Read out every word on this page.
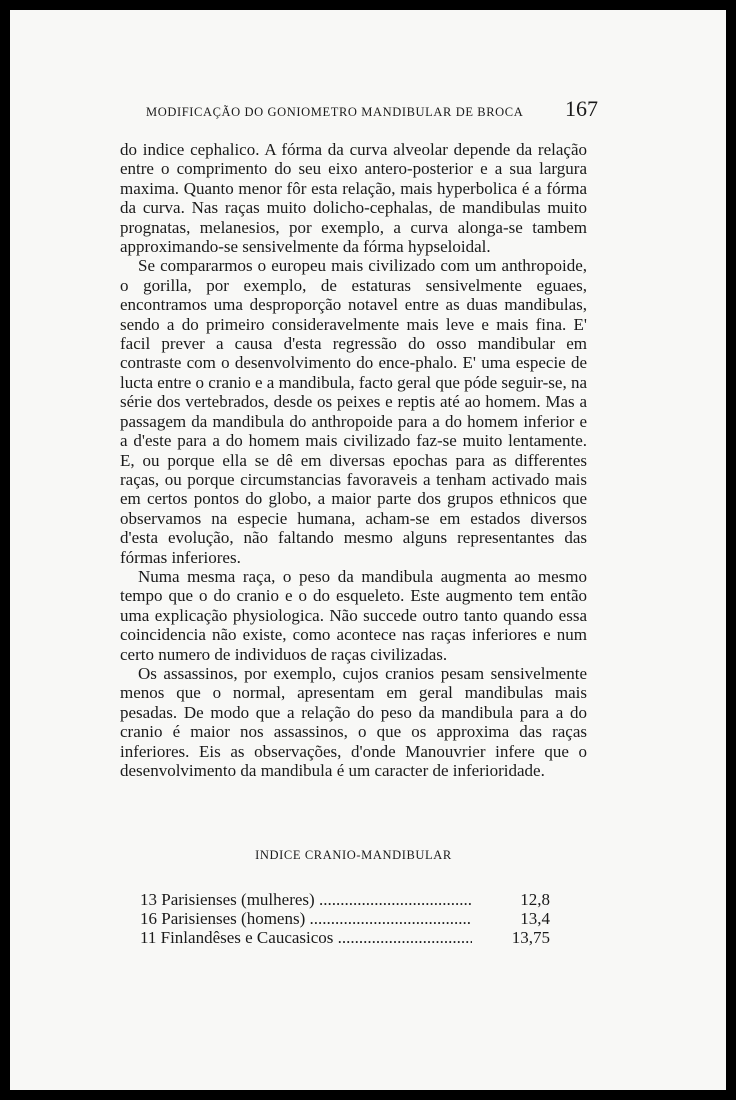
MODIFICAÇÃO DO GONIOMETRO MANDIBULAR DE BROCA 167

do indice cephalico. A fórma da curva alveolar depende da relação entre o comprimento do seu eixo antero-posterior e a sua largura maxima. Quanto menor fôr esta relação, mais hyperbolica é a fórma da curva. Nas raças muito dolicho-cephalas, de mandibulas muito prognatas, melanesios, por exemplo, a curva alonga-se tambem approximando-se sensivelmente da fórma hypseloidal.

Se compararmos o europeu mais civilizado com um anthropoide, o gorilla, por exemplo, de estaturas sensivelmente eguaes, encontramos uma desproporção notavel entre as duas mandibulas, sendo a do primeiro consideravelmente mais leve e mais fina. E' facil prever a causa d'esta regressão do osso mandibular em contraste com o desenvolvimento do ence-phalo. E' uma especie de lucta entre o cranio e a mandibula, facto geral que póde seguir-se, na série dos vertebrados, desde os peixes e reptis até ao homem. Mas a passagem da mandibula do anthropoide para a do homem inferior e a d'este para a do homem mais civilizado faz-se muito lentamente. E, ou porque ella se dê em diversas epochas para as differentes raças, ou porque circumstancias favoraveis a tenham activado mais em certos pontos do globo, a maior parte dos grupos ethnicos que observamos na especie humana, acham-se em estados diversos d'esta evolução, não faltando mesmo alguns representantes das fórmas inferiores.

Numa mesma raça, o peso da mandibula augmenta ao mesmo tempo que o do cranio e o do esqueleto. Este augmento tem então uma explicação physiologica. Não succede outro tanto quando essa coincidencia não existe, como acontece nas raças inferiores e num certo numero de individuos de raças civilizadas.

Os assassinos, por exemplo, cujos cranios pesam sensivelmente menos que o normal, apresentam em geral mandibulas mais pesadas. De modo que a relação do peso da mandibula para a do cranio é maior nos assassinos, o que os approxima das raças inferiores. Eis as observações, d'onde Manouvrier infere que o desenvolvimento da mandibula é um caracter de inferioridade.

INDICE CRANIO-MANDIBULAR
13 Parisienses (mulheres) .....	12,8
16 Parisienses (homens) .....	13,4
11 Finlandêses e Caucasicos .....	13,75
